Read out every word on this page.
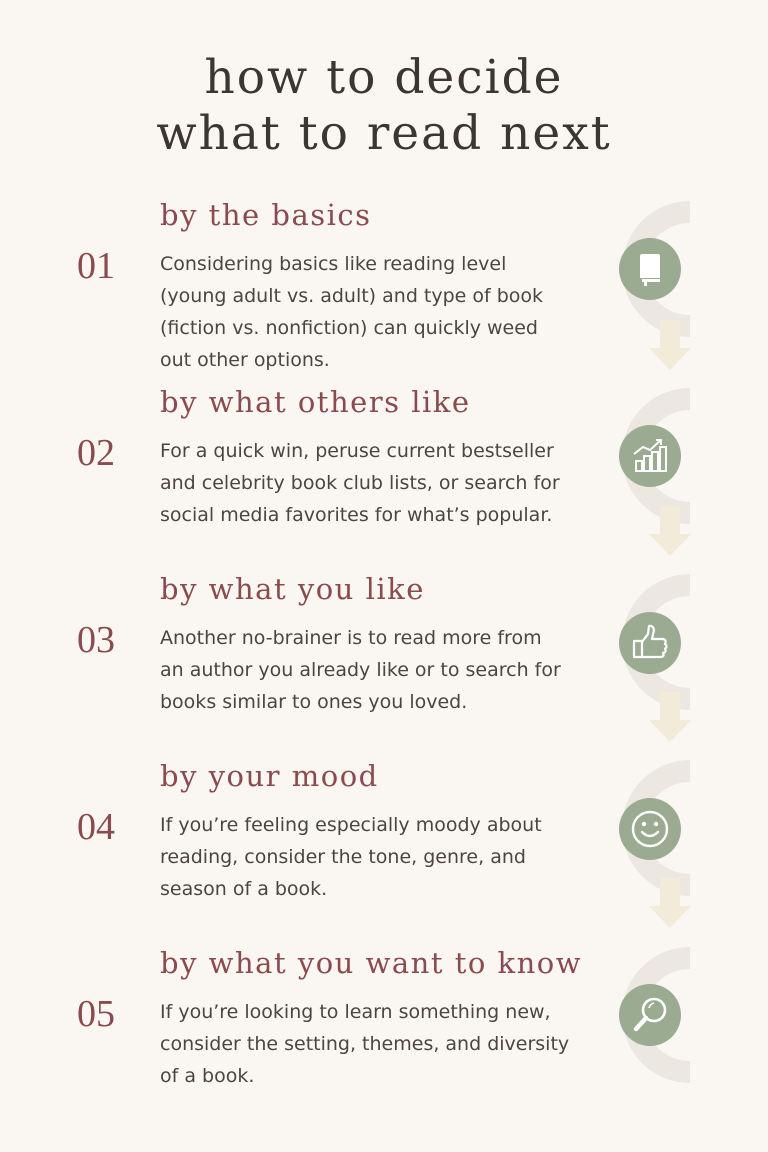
how to decide
what to read next
by the basics
01 Considering basics like reading level (young adult vs. adult) and type of book (fiction vs. nonfiction) can quickly weed out other options.

by what others like
02 For a quick win, peruse current bestseller and celebrity book club lists, or search for social media favorites for what’s popular.

by what you like
03 Another no-brainer is to read more from an author you already like or to search for books similar to ones you loved.

by your mood
04 If you’re feeling especially moody about reading, consider the tone, genre, and season of a book.

by what you want to know
05 If you’re looking to learn something new, consider the setting, themes, and diversity of a book.
